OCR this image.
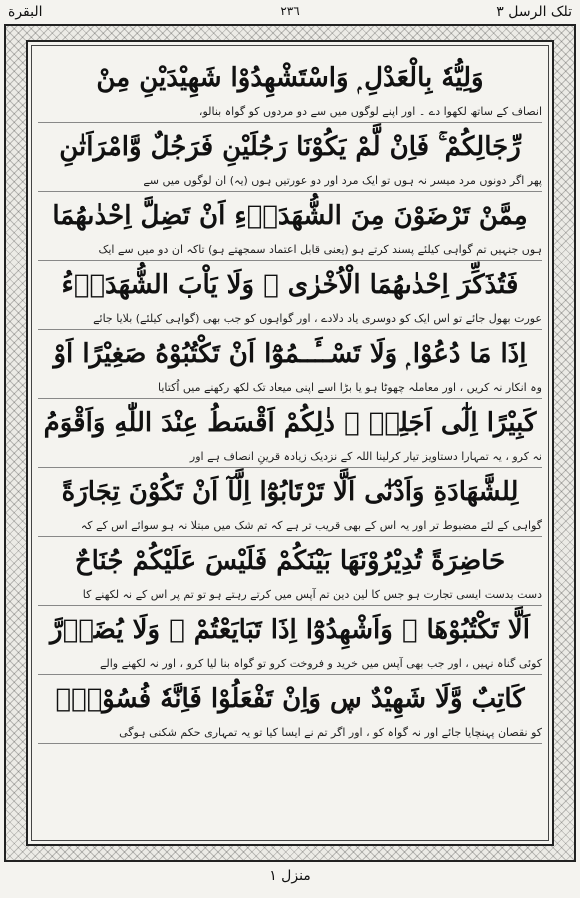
البقرة	٢٣٦	تلک الرسل ٣
وَلِيُّهٗ بِالْعَدْلِ ۭ وَاسْتَشْهِدُوْا شَهِيْدَيْنِ مِنْ
انصاف کے ساتھ لکھوا دے ۔ اور اپنے لوگوں میں سے دو مردوں کو گواہ بنالو،
رِّجَالِكُمْ ۚ فَاِنْ لَّمْ يَكُوْنَا رَجُلَيْنِ فَرَجُلٌ وَّامْرَاَتٰنِ
پھر اگر دونوں مرد میسر نہ ہوں تو ایک مرد اور دو عورتیں ہوں (یہ) ان لوگوں میں سے
مِمَّنْ تَرْضَوْنَ مِنَ الشُّهَدَاۗءِ اَنْ تَضِلَّ اِحْدٰىهُمَا
ہوں جنہیں تم گواہی کیلئے پسند کرتے ہو (یعنی قابل اعتماد سمجھتے ہو) تاکہ ان دو میں سے ایک
فَتُذَكِّرَ اِحْدٰىهُمَا الْاُخْرٰى ۭ وَلَا يَاْبَ الشُّهَدَاۗءُ
عورت بھول جائے تو اس ایک کو دوسری یاد دلادے ، اور گواہوں کو جب بھی (گواہی کیلئے) بلایا جائے
اِذَا مَا دُعُوْا ۭ وَلَا تَسْــَٔــمُوْٓا اَنْ تَكْتُبُوْهُ صَغِيْرًا اَوْ
وہ انکار نہ کریں ، اور معاملہ چھوٹا ہو یا بڑا اسے اپنی میعاد تک لکھ رکھنے میں اُکتایا
كَبِيْرًا اِلٰٓى اَجَلِهٖ ۭ ذٰلِكُمْ اَقْسَطُ عِنْدَ اللّٰهِ وَاَقْوَمُ
نہ کرو ، یہ تمہارا دستاویز تیار کرلینا اللہ کے نزدیک زیادہ قرینِ انصاف ہے اور
لِلشَّهَادَةِ وَاَدْنٰٓى اَلَّا تَرْتَابُوْٓا اِلَّآ اَنْ تَكُوْنَ تِجَارَةً
گواہی کے لئے مضبوط تر اور یہ اس کے بھی قریب تر ہے کہ تم شک میں مبتلا نہ ہو سوائے اس کے کہ
حَاضِرَةً تُدِيْرُوْنَهَا بَيْنَكُمْ فَلَيْسَ عَلَيْكُمْ جُنَاحٌ
دست بدست ایسی تجارت ہو جس کا لین دین تم آپس میں کرتے رہتے ہو تو تم پر اس کے نہ لکھنے کا
اَلَّا تَكْتُبُوْهَا ۭ وَاَشْهِدُوْٓا اِذَا تَبَايَعْتُمْ ۠ وَلَا يُضَاۗرَّ
کوئی گناہ نہیں ، اور جب بھی آپس میں خرید و فروخت کرو تو گواہ بنا لیا کرو ، اور نہ لکھنے والے
كَاتِبٌ وَّلَا شَهِيْدٌ ڛ وَاِنْ تَفْعَلُوْا فَاِنَّهٗ فُسُوْقٌۢ
کو نقصان پہنچایا جائے اور نہ گواہ کو ، اور اگر تم نے ایسا کیا تو یہ تمہاری حکم شکنی ہوگی
منزل ١
